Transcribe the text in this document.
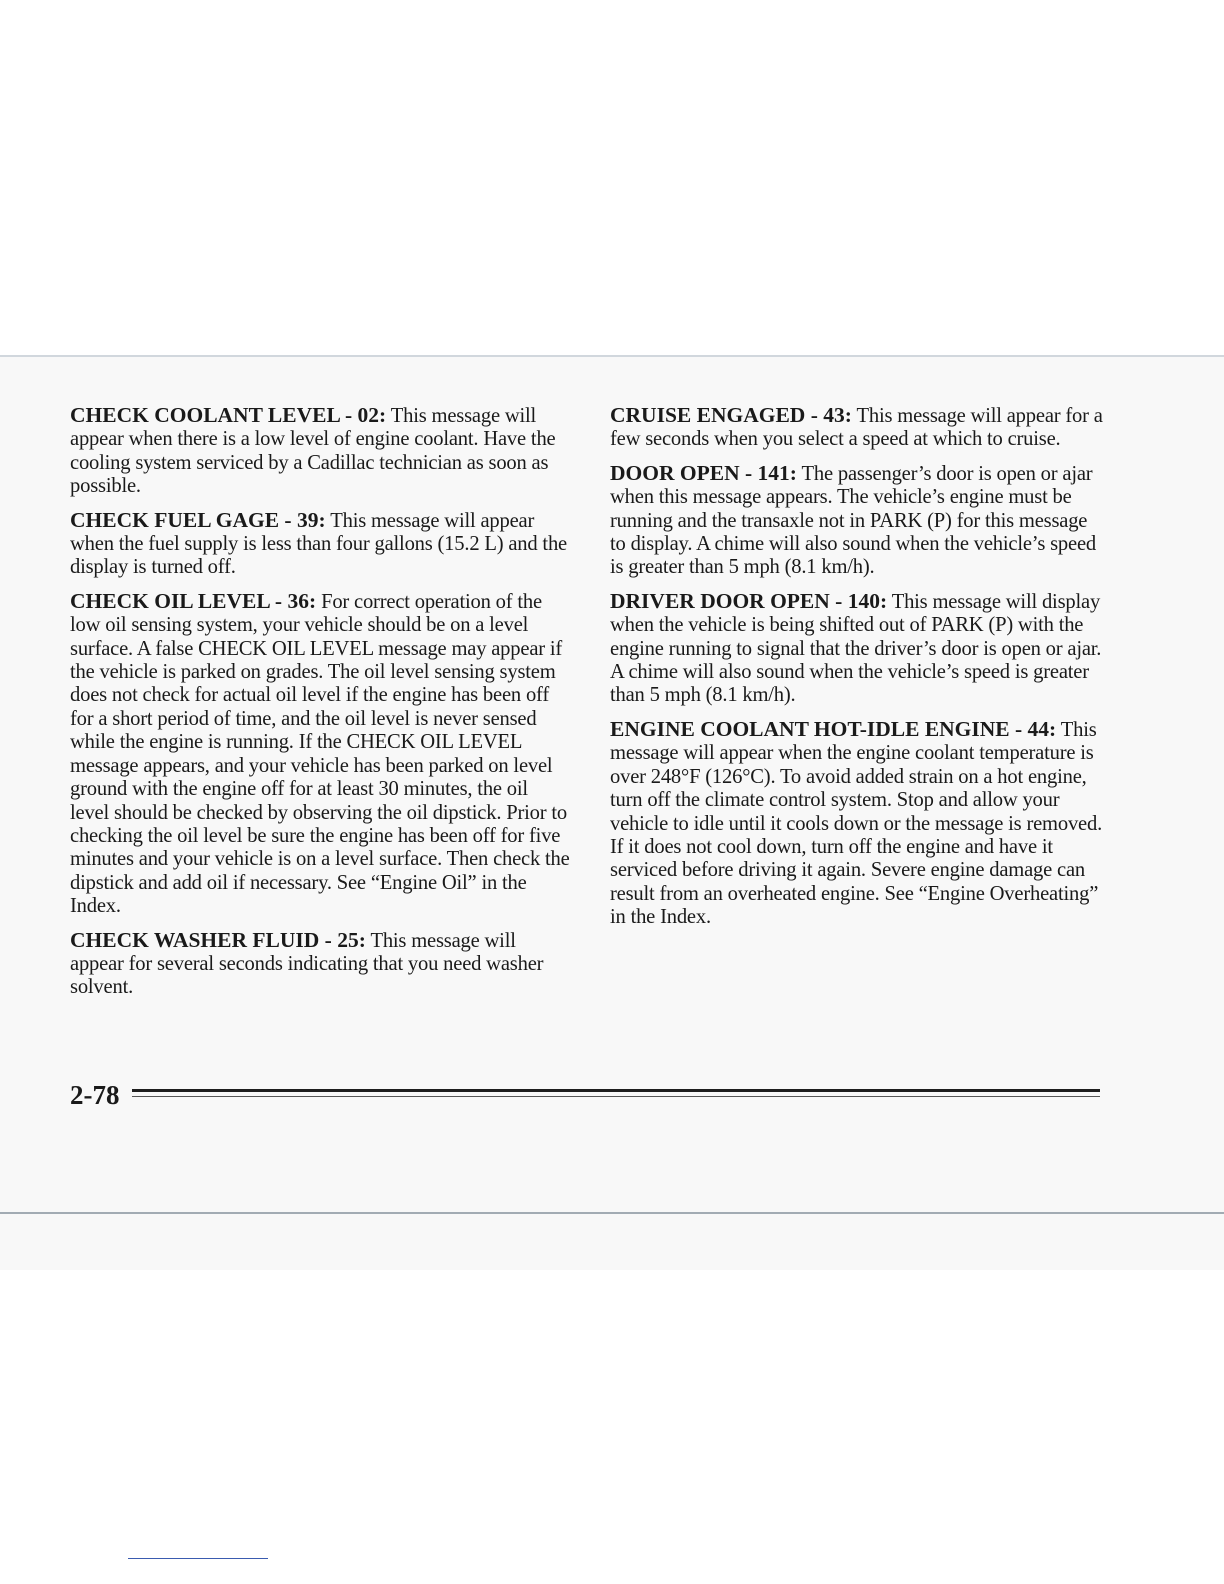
CHECK COOLANT LEVEL - 02: This message will appear when there is a low level of engine coolant. Have the cooling system serviced by a Cadillac technician as soon as possible.

CHECK FUEL GAGE - 39: This message will appear when the fuel supply is less than four gallons (15.2 L) and the display is turned off.

CHECK OIL LEVEL - 36: For correct operation of the low oil sensing system, your vehicle should be on a level surface. A false CHECK OIL LEVEL message may appear if the vehicle is parked on grades. The oil level sensing system does not check for actual oil level if the engine has been off for a short period of time, and the oil level is never sensed while the engine is running. If the CHECK OIL LEVEL message appears, and your vehicle has been parked on level ground with the engine off for at least 30 minutes, the oil level should be checked by observing the oil dipstick. Prior to checking the oil level be sure the engine has been off for five minutes and your vehicle is on a level surface. Then check the dipstick and add oil if necessary. See “Engine Oil” in the Index.

CHECK WASHER FLUID - 25: This message will appear for several seconds indicating that you need washer solvent.

CRUISE ENGAGED - 43: This message will appear for a few seconds when you select a speed at which to cruise.

DOOR OPEN - 141: The passenger’s door is open or ajar when this message appears. The vehicle’s engine must be running and the transaxle not in PARK (P) for this message to display. A chime will also sound when the vehicle’s speed is greater than 5 mph (8.1 km/h).

DRIVER DOOR OPEN - 140: This message will display when the vehicle is being shifted out of PARK (P) with the engine running to signal that the driver’s door is open or ajar. A chime will also sound when the vehicle’s speed is greater than 5 mph (8.1 km/h).

ENGINE COOLANT HOT-IDLE ENGINE - 44: This message will appear when the engine coolant temperature is over 248°F (126°C). To avoid added strain on a hot engine, turn off the climate control system. Stop and allow your vehicle to idle until it cools down or the message is removed. If it does not cool down, turn off the engine and have it serviced before driving it again. Severe engine damage can result from an overheated engine. See “Engine Overheating” in the Index.

2-78
